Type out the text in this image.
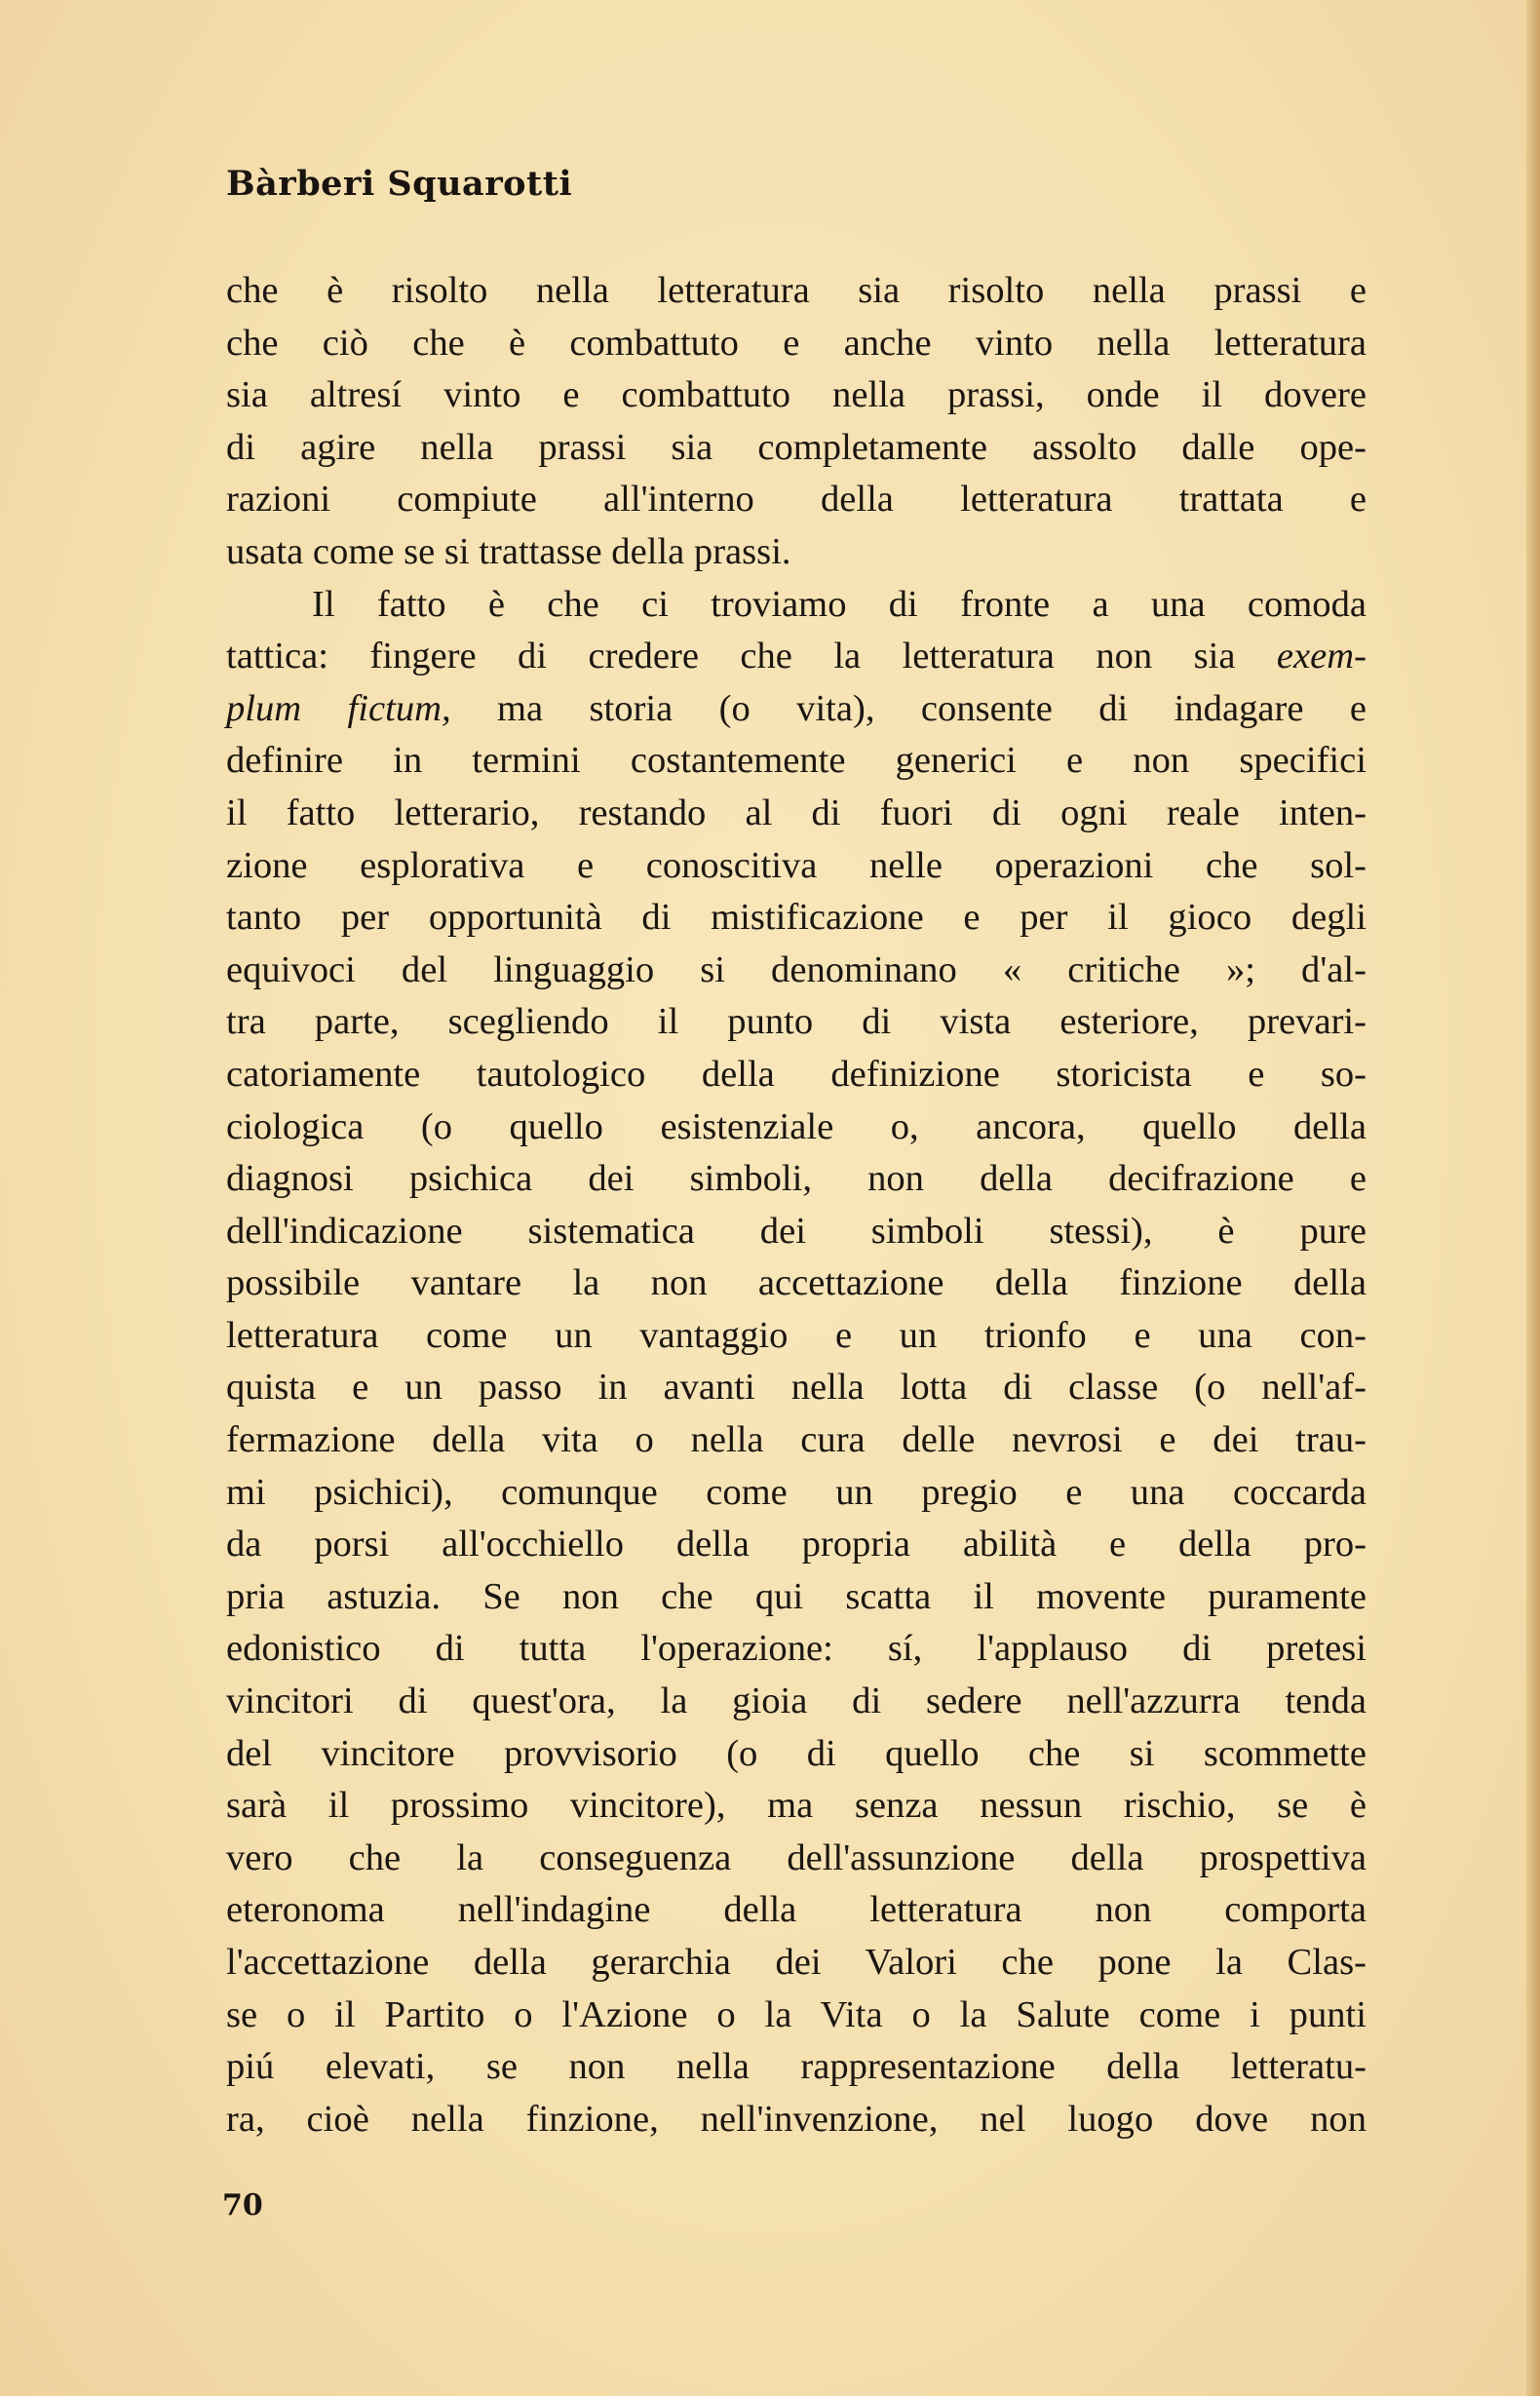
Bàrberi Squarotti
che è risolto nella letteratura sia risolto nella prassi e
che ciò che è combattuto e anche vinto nella letteratura
sia altresí vinto e combattuto nella prassi, onde il dovere
di agire nella prassi sia completamente assolto dalle ope-
razioni compiute all'interno della letteratura trattata e
usata come se si trattasse della prassi.
Il fatto è che ci troviamo di fronte a una comoda
tattica: fingere di credere che la letteratura non sia exem-
plum fictum, ma storia (o vita), consente di indagare e
definire in termini costantemente generici e non specifici
il fatto letterario, restando al di fuori di ogni reale inten-
zione esplorativa e conoscitiva nelle operazioni che sol-
tanto per opportunità di mistificazione e per il gioco degli
equivoci del linguaggio si denominano « critiche »; d'al-
tra parte, scegliendo il punto di vista esteriore, prevari-
catoriamente tautologico della definizione storicista e so-
ciologica (o quello esistenziale o, ancora, quello della
diagnosi psichica dei simboli, non della decifrazione e
dell'indicazione sistematica dei simboli stessi), è pure
possibile vantare la non accettazione della finzione della
letteratura come un vantaggio e un trionfo e una con-
quista e un passo in avanti nella lotta di classe (o nell'af-
fermazione della vita o nella cura delle nevrosi e dei trau-
mi psichici), comunque come un pregio e una coccarda
da porsi all'occhiello della propria abilità e della pro-
pria astuzia. Se non che qui scatta il movente puramente
edonistico di tutta l'operazione: sí, l'applauso di pretesi
vincitori di quest'ora, la gioia di sedere nell'azzurra tenda
del vincitore provvisorio (o di quello che si scommette
sarà il prossimo vincitore), ma senza nessun rischio, se è
vero che la conseguenza dell'assunzione della prospettiva
eteronoma nell'indagine della letteratura non comporta
l'accettazione della gerarchia dei Valori che pone la Clas-
se o il Partito o l'Azione o la Vita o la Salute come i punti
piú elevati, se non nella rappresentazione della letteratu-
ra, cioè nella finzione, nell'invenzione, nel luogo dove non
70
